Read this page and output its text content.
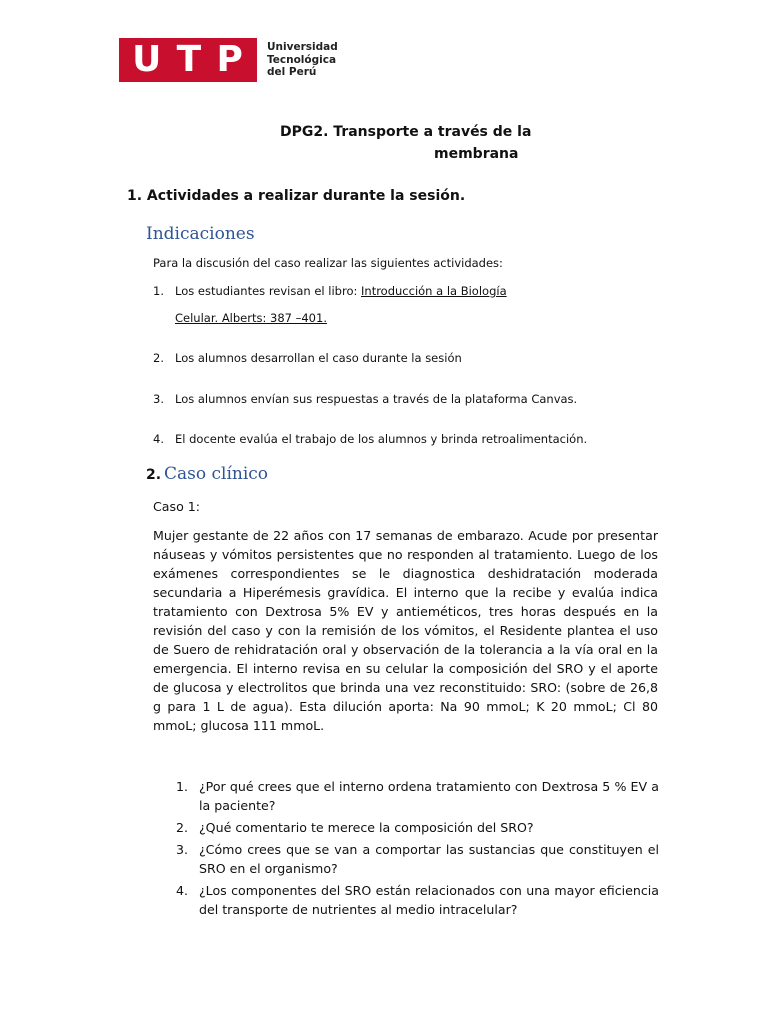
U T P Universidad
Tecnológica
del Perú
DPG2. Transporte a través de la
membrana
1. Actividades a realizar durante la sesión.
Indicaciones
Para la discusión del caso realizar las siguientes actividades:
1. Los estudiantes revisan el libro: Introducción a la Biología
Celular. Alberts: 387 –401.
2. Los alumnos desarrollan el caso durante la sesión
3. Los alumnos envían sus respuestas a través de la plataforma Canvas.
4. El docente evalúa el trabajo de los alumnos y brinda retroalimentación.
2. Caso clínico
Caso 1:
Mujer gestante de 22 años con 17 semanas de embarazo. Acude por presentar náuseas y vómitos persistentes que no responden al tratamiento. Luego de los exámenes correspondientes se le diagnostica deshidratación moderada secundaria a Hiperémesis gravídica. El interno que la recibe y evalúa indica tratamiento con Dextrosa 5% EV y antieméticos, tres horas después en la revisión del caso y con la remisión de los vómitos, el Residente plantea el uso de Suero de rehidratación oral y observación de la tolerancia a la vía oral en la emergencia. El interno revisa en su celular la composición del SRO y el aporte de glucosa y electrolitos que brinda una vez reconstituido: SRO: (sobre de 26,8 g para 1 L de agua). Esta dilución aporta: Na 90 mmoL; K 20 mmoL; Cl 80 mmoL; glucosa 111 mmoL.
1. ¿Por qué crees que el interno ordena tratamiento con Dextrosa 5 % EV a la paciente?
2. ¿Qué comentario te merece la composición del SRO?
3. ¿Cómo crees que se van a comportar las sustancias que constituyen el SRO en el organismo?
4. ¿Los componentes del SRO están relacionados con una mayor eficiencia del transporte de nutrientes al medio intracelular?
